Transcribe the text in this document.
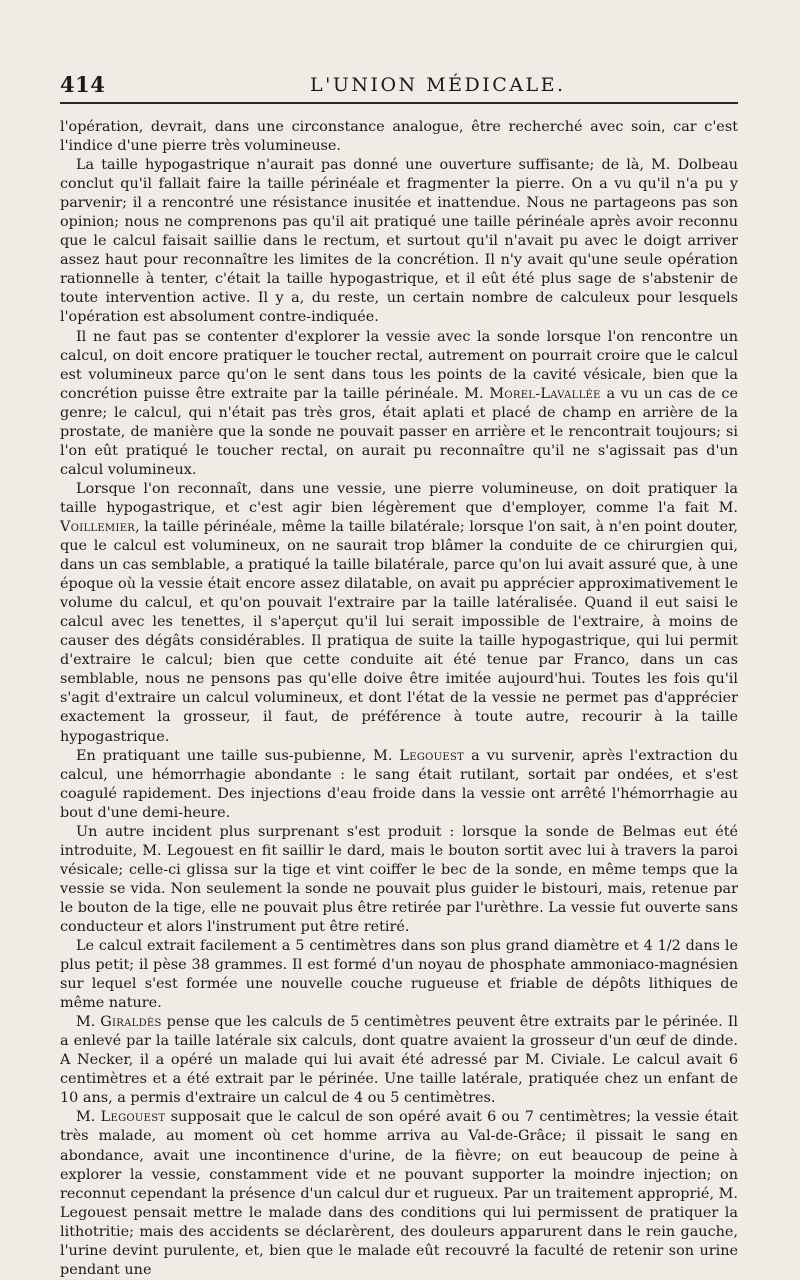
414	L'UNION MÉDICALE.

l'opération, devrait, dans une circonstance analogue, être recherché avec soin, car c'est l'indice d'une pierre très volumineuse.

La taille hypogastrique n'aurait pas donné une ouverture suffisante; de là, M. Dolbeau conclut qu'il fallait faire la taille périnéale et fragmenter la pierre. On a vu qu'il n'a pu y parvenir; il a rencontré une résistance inusitée et inattendue. Nous ne partageons pas son opinion; nous ne comprenons pas qu'il ait pratiqué une taille périnéale après avoir reconnu que le calcul faisait saillie dans le rectum, et surtout qu'il n'avait pu avec le doigt arriver assez haut pour reconnaître les limites de la concrétion. Il n'y avait qu'une seule opération rationnelle à tenter, c'était la taille hypogastrique, et il eût été plus sage de s'abstenir de toute intervention active. Il y a, du reste, un certain nombre de calculeux pour lesquels l'opération est absolument contre-indiquée.

Il ne faut pas se contenter d'explorer la vessie avec la sonde lorsque l'on rencontre un calcul, on doit encore pratiquer le toucher rectal, autrement on pourrait croire que le calcul est volumineux parce qu'on le sent dans tous les points de la cavité vésicale, bien que la concrétion puisse être extraite par la taille périnéale. M. Morel-Lavallée a vu un cas de ce genre; le calcul, qui n'était pas très gros, était aplati et placé de champ en arrière de la prostate, de manière que la sonde ne pouvait passer en arrière et le rencontrait toujours; si l'on eût pratiqué le toucher rectal, on aurait pu reconnaître qu'il ne s'agissait pas d'un calcul volumineux.

Lorsque l'on reconnaît, dans une vessie, une pierre volumineuse, on doit pratiquer la taille hypogastrique, et c'est agir bien légèrement que d'employer, comme l'a fait M. Voillemier, la taille périnéale, même la taille bilatérale; lorsque l'on sait, à n'en point douter, que le calcul est volumineux, on ne saurait trop blâmer la conduite de ce chirurgien qui, dans un cas semblable, a pratiqué la taille bilatérale, parce qu'on lui avait assuré que, à une époque où la vessie était encore assez dilatable, on avait pu apprécier approximativement le volume du calcul, et qu'on pouvait l'extraire par la taille latéralisée. Quand il eut saisi le calcul avec les tenettes, il s'aperçut qu'il lui serait impossible de l'extraire, à moins de causer des dégâts considérables. Il pratiqua de suite la taille hypogastrique, qui lui permit d'extraire le calcul; bien que cette conduite ait été tenue par Franco, dans un cas semblable, nous ne pensons pas qu'elle doive être imitée aujourd'hui. Toutes les fois qu'il s'agit d'extraire un calcul volumineux, et dont l'état de la vessie ne permet pas d'apprécier exactement la grosseur, il faut, de préférence à toute autre, recourir à la taille hypogastrique.

En pratiquant une taille sus-pubienne, M. Legouest a vu survenir, après l'extraction du calcul, une hémorrhagie abondante : le sang était rutilant, sortait par ondées, et s'est coagulé rapidement. Des injections d'eau froide dans la vessie ont arrêté l'hémorrhagie au bout d'une demi-heure.

Un autre incident plus surprenant s'est produit : lorsque la sonde de Belmas eut été introduite, M. Legouest en fit saillir le dard, mais le bouton sortit avec lui à travers la paroi vésicale; celle-ci glissa sur la tige et vint coiffer le bec de la sonde, en même temps que la vessie se vida. Non seulement la sonde ne pouvait plus guider le bistouri, mais, retenue par le bouton de la tige, elle ne pouvait plus être retirée par l'urèthre. La vessie fut ouverte sans conducteur et alors l'instrument put être retiré.

Le calcul extrait facilement a 5 centimètres dans son plus grand diamètre et 4 1/2 dans le plus petit; il pèse 38 grammes. Il est formé d'un noyau de phosphate ammoniaco-magnésien sur lequel s'est formée une nouvelle couche rugueuse et friable de dépôts lithiques de même nature.

M. Giraldès pense que les calculs de 5 centimètres peuvent être extraits par le périnée. Il a enlevé par la taille latérale six calculs, dont quatre avaient la grosseur d'un œuf de dinde. A Necker, il a opéré un malade qui lui avait été adressé par M. Civiale. Le calcul avait 6 centimètres et a été extrait par le périnée. Une taille latérale, pratiquée chez un enfant de 10 ans, a permis d'extraire un calcul de 4 ou 5 centimètres.

M. Legouest supposait que le calcul de son opéré avait 6 ou 7 centimètres; la vessie était très malade, au moment où cet homme arriva au Val-de-Grâce; il pissait le sang en abondance, avait une incontinence d'urine, de la fièvre; on eut beaucoup de peine à explorer la vessie, constamment vide et ne pouvant supporter la moindre injection; on reconnut cependant la présence d'un calcul dur et rugueux. Par un traitement approprié, M. Legouest pensait mettre le malade dans des conditions qui lui permissent de pratiquer la lithotritie; mais des accidents se déclarèrent, des douleurs apparurent dans le rein gauche, l'urine devint purulente, et, bien que le malade eût recouvré la faculté de retenir son urine pendant une
